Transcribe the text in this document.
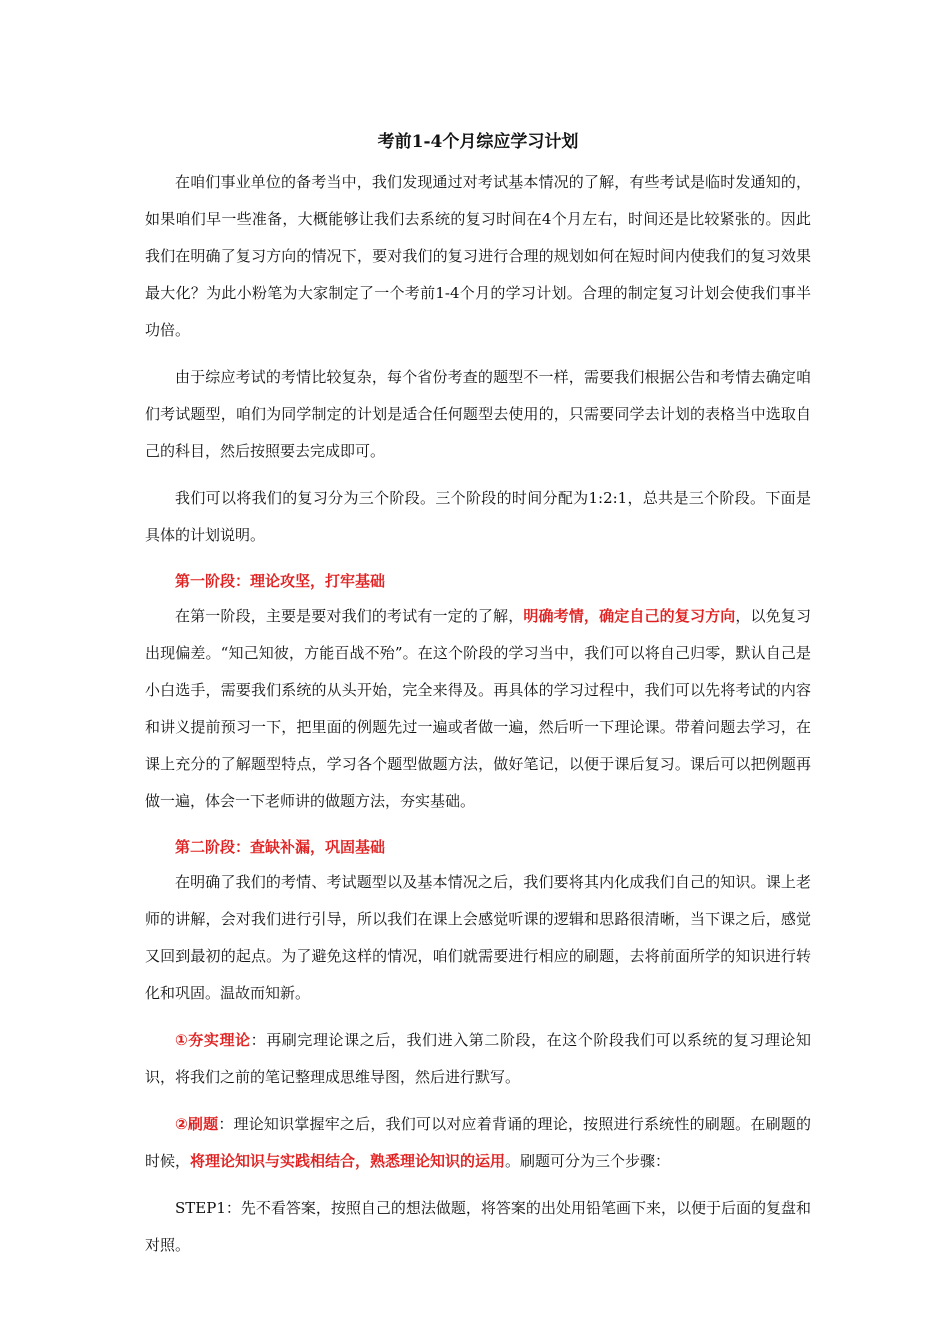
考前1-4个月综应学习计划

在咱们事业单位的备考当中，我们发现通过对考试基本情况的了解，有些考试是临时发通知的，如果咱们早一些准备，大概能够让我们去系统的复习时间在4个月左右，时间还是比较紧张的。因此我们在明确了复习方向的情况下，要对我们的复习进行合理的规划如何在短时间内使我们的复习效果最大化？为此小粉笔为大家制定了一个考前1-4个月的学习计划。合理的制定复习计划会使我们事半功倍。

由于综应考试的考情比较复杂，每个省份考查的题型不一样，需要我们根据公告和考情去确定咱们考试题型，咱们为同学制定的计划是适合任何题型去使用的，只需要同学去计划的表格当中选取自己的科目，然后按照要去完成即可。

我们可以将我们的复习分为三个阶段。三个阶段的时间分配为1:2:1，总共是三个阶段。下面是具体的计划说明。

第一阶段：理论攻坚，打牢基础

在第一阶段，主要是要对我们的考试有一定的了解，明确考情，确定自己的复习方向，以免复习出现偏差。“知己知彼，方能百战不殆”。在这个阶段的学习当中，我们可以将自己归零，默认自己是小白选手，需要我们系统的从头开始，完全来得及。再具体的学习过程中，我们可以先将考试的内容和讲义提前预习一下，把里面的例题先过一遍或者做一遍，然后听一下理论课。带着问题去学习，在课上充分的了解题型特点，学习各个题型做题方法，做好笔记，以便于课后复习。课后可以把例题再做一遍，体会一下老师讲的做题方法，夯实基础。

第二阶段：查缺补漏，巩固基础

在明确了我们的考情、考试题型以及基本情况之后，我们要将其内化成我们自己的知识。课上老师的讲解，会对我们进行引导，所以我们在课上会感觉听课的逻辑和思路很清晰，当下课之后，感觉又回到最初的起点。为了避免这样的情况，咱们就需要进行相应的刷题，去将前面所学的知识进行转化和巩固。温故而知新。

①夯实理论：再刷完理论课之后，我们进入第二阶段，在这个阶段我们可以系统的复习理论知识，将我们之前的笔记整理成思维导图，然后进行默写。

②刷题：理论知识掌握牢之后，我们可以对应着背诵的理论，按照进行系统性的刷题。在刷题的时候，将理论知识与实践相结合，熟悉理论知识的运用。刷题可分为三个步骤：

STEP1：先不看答案，按照自己的想法做题，将答案的出处用铅笔画下来，以便于后面的复盘和对照。
